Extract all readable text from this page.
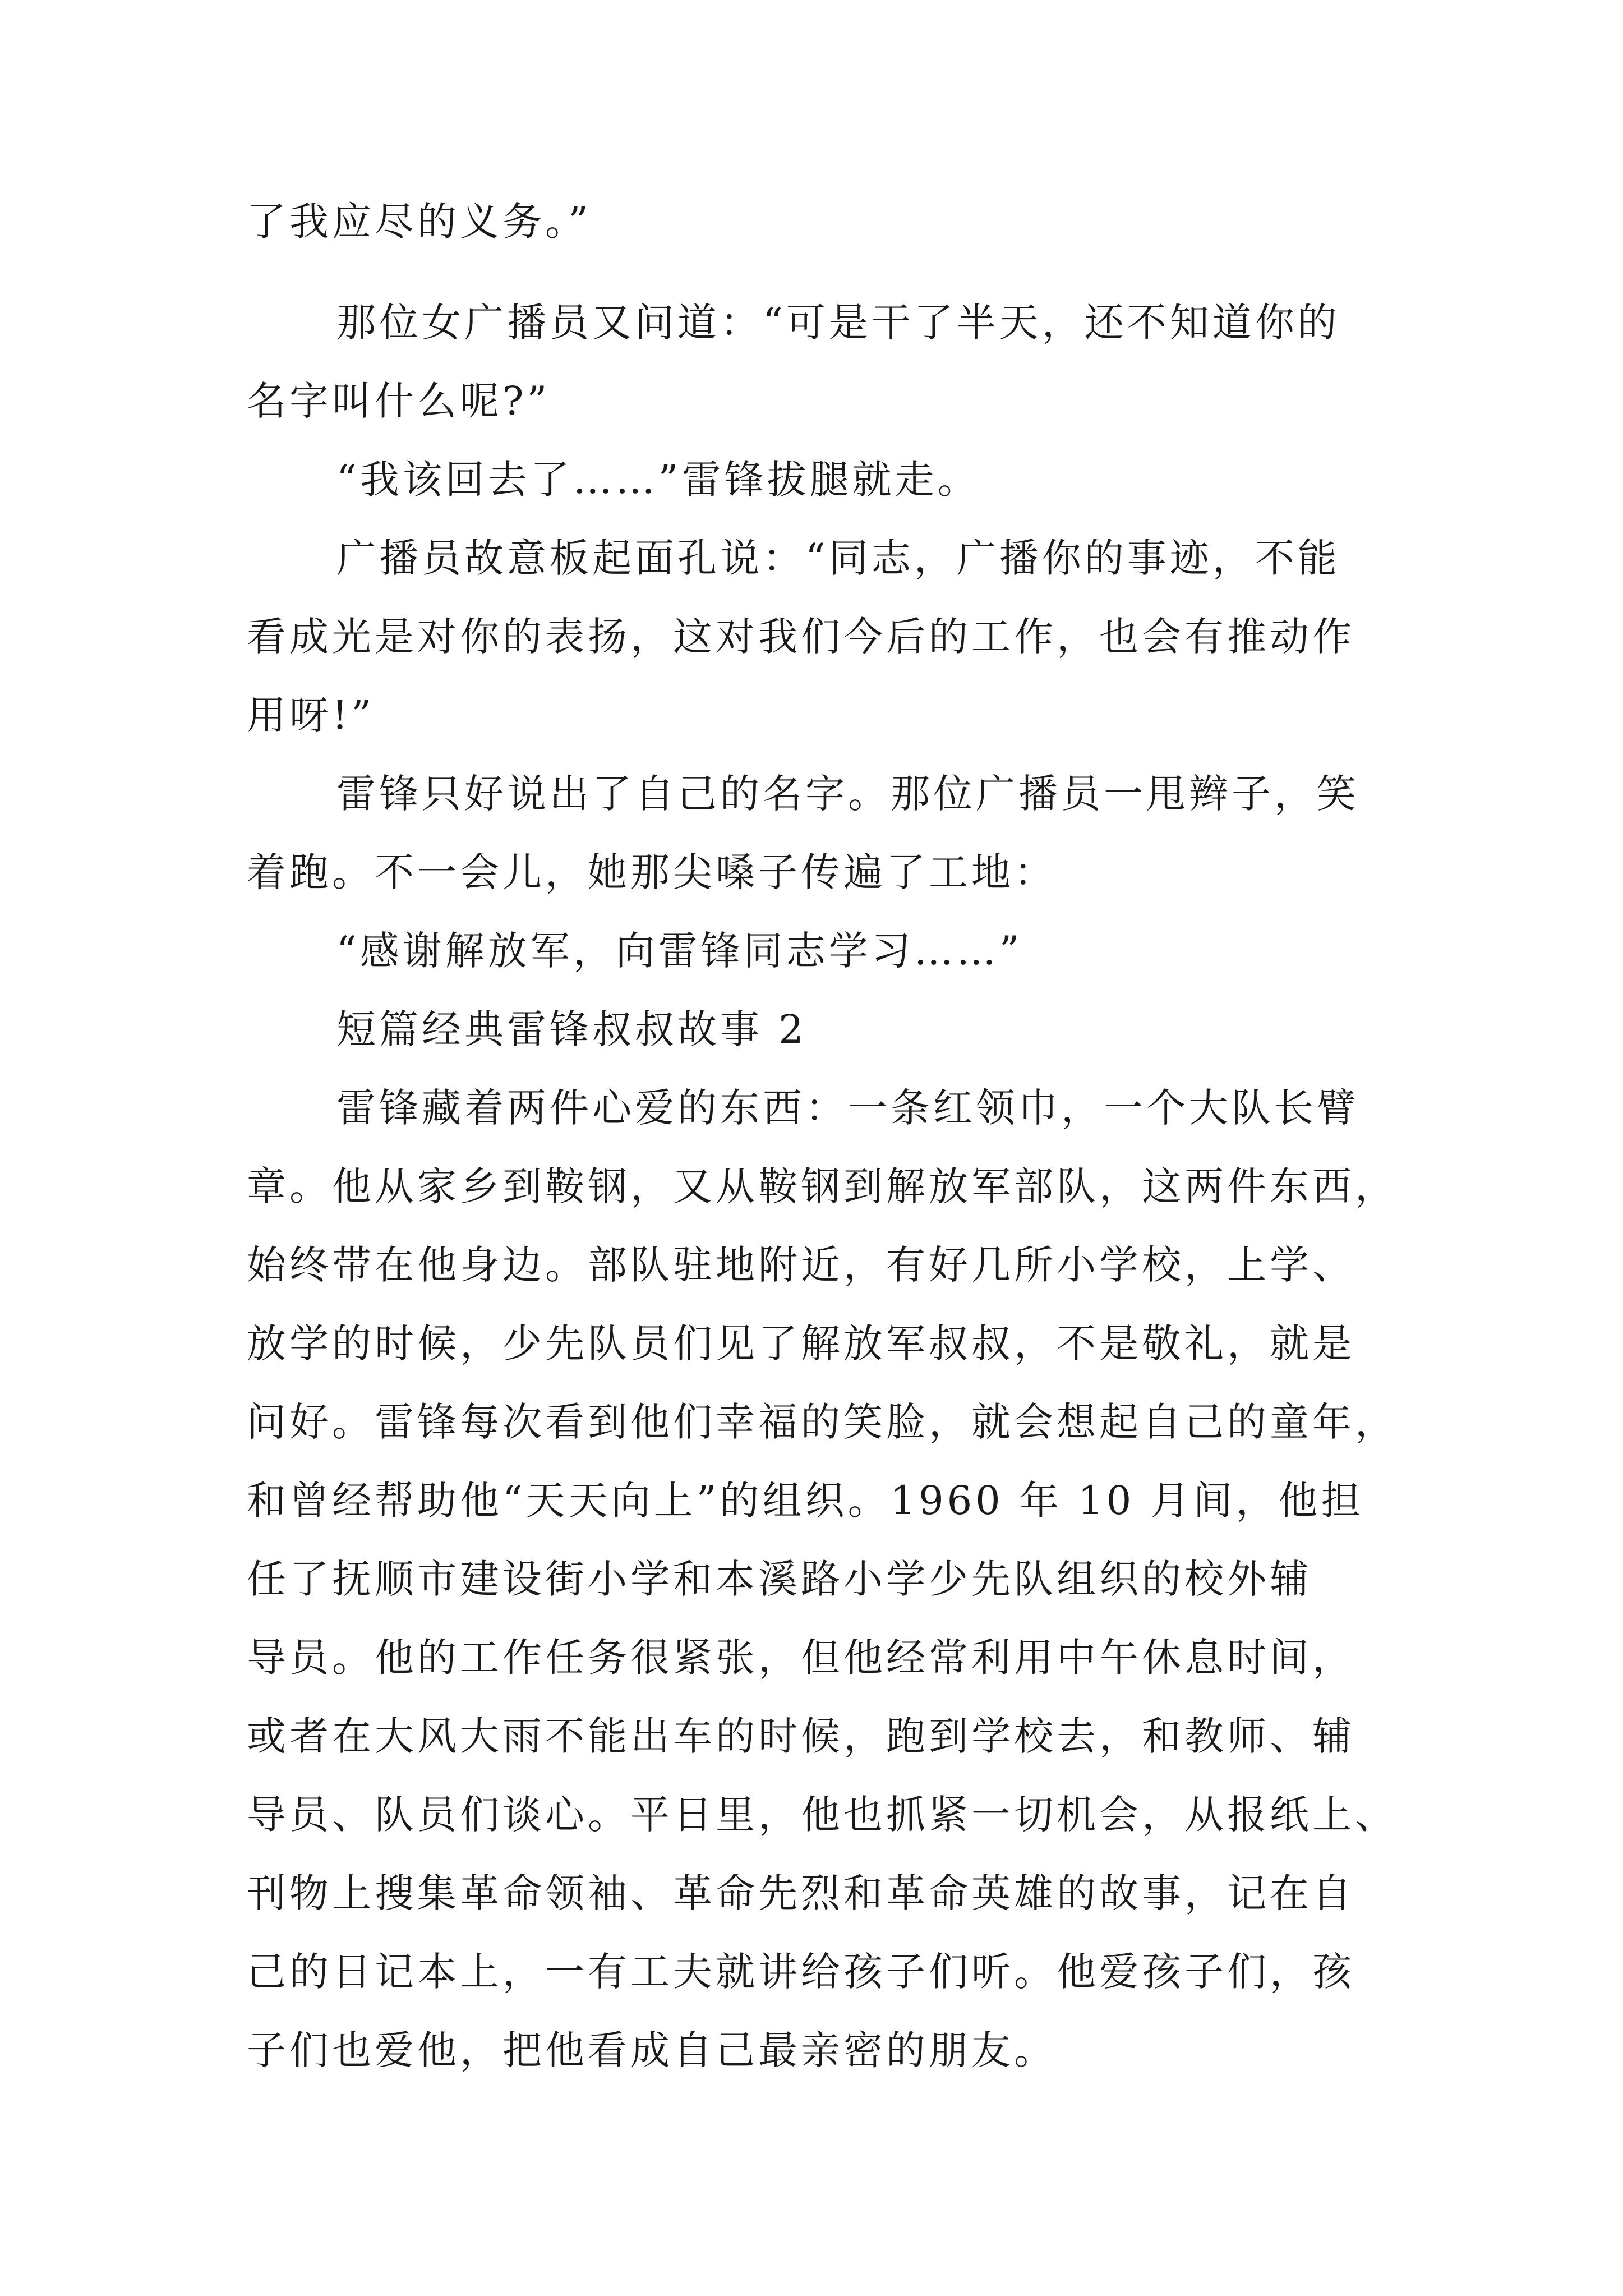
了我应尽的义务。”
那位女广播员又问道：“可是干了半天，还不知道你的
名字叫什么呢?”
“我该回去了……”雷锋拔腿就走。
广播员故意板起面孔说：“同志，广播你的事迹，不能
看成光是对你的表扬，这对我们今后的工作，也会有推动作
用呀!”
雷锋只好说出了自己的名字。那位广播员一甩辫子，笑
着跑。不一会儿，她那尖嗓子传遍了工地：
“感谢解放军，向雷锋同志学习……”
短篇经典雷锋叔叔故事 2
雷锋藏着两件心爱的东西：一条红领巾，一个大队长臂
章。他从家乡到鞍钢，又从鞍钢到解放军部队，这两件东西，
始终带在他身边。部队驻地附近，有好几所小学校，上学、
放学的时候，少先队员们见了解放军叔叔，不是敬礼，就是
问好。雷锋每次看到他们幸福的笑脸，就会想起自己的童年，
和曾经帮助他“天天向上”的组织。1960 年 10 月间，他担
任了抚顺市建设街小学和本溪路小学少先队组织的校外辅
导员。他的工作任务很紧张，但他经常利用中午休息时间，
或者在大风大雨不能出车的时候，跑到学校去，和教师、辅
导员、队员们谈心。平日里，他也抓紧一切机会，从报纸上、
刊物上搜集革命领袖、革命先烈和革命英雄的故事，记在自
己的日记本上，一有工夫就讲给孩子们听。他爱孩子们，孩
子们也爱他，把他看成自己最亲密的朋友。
